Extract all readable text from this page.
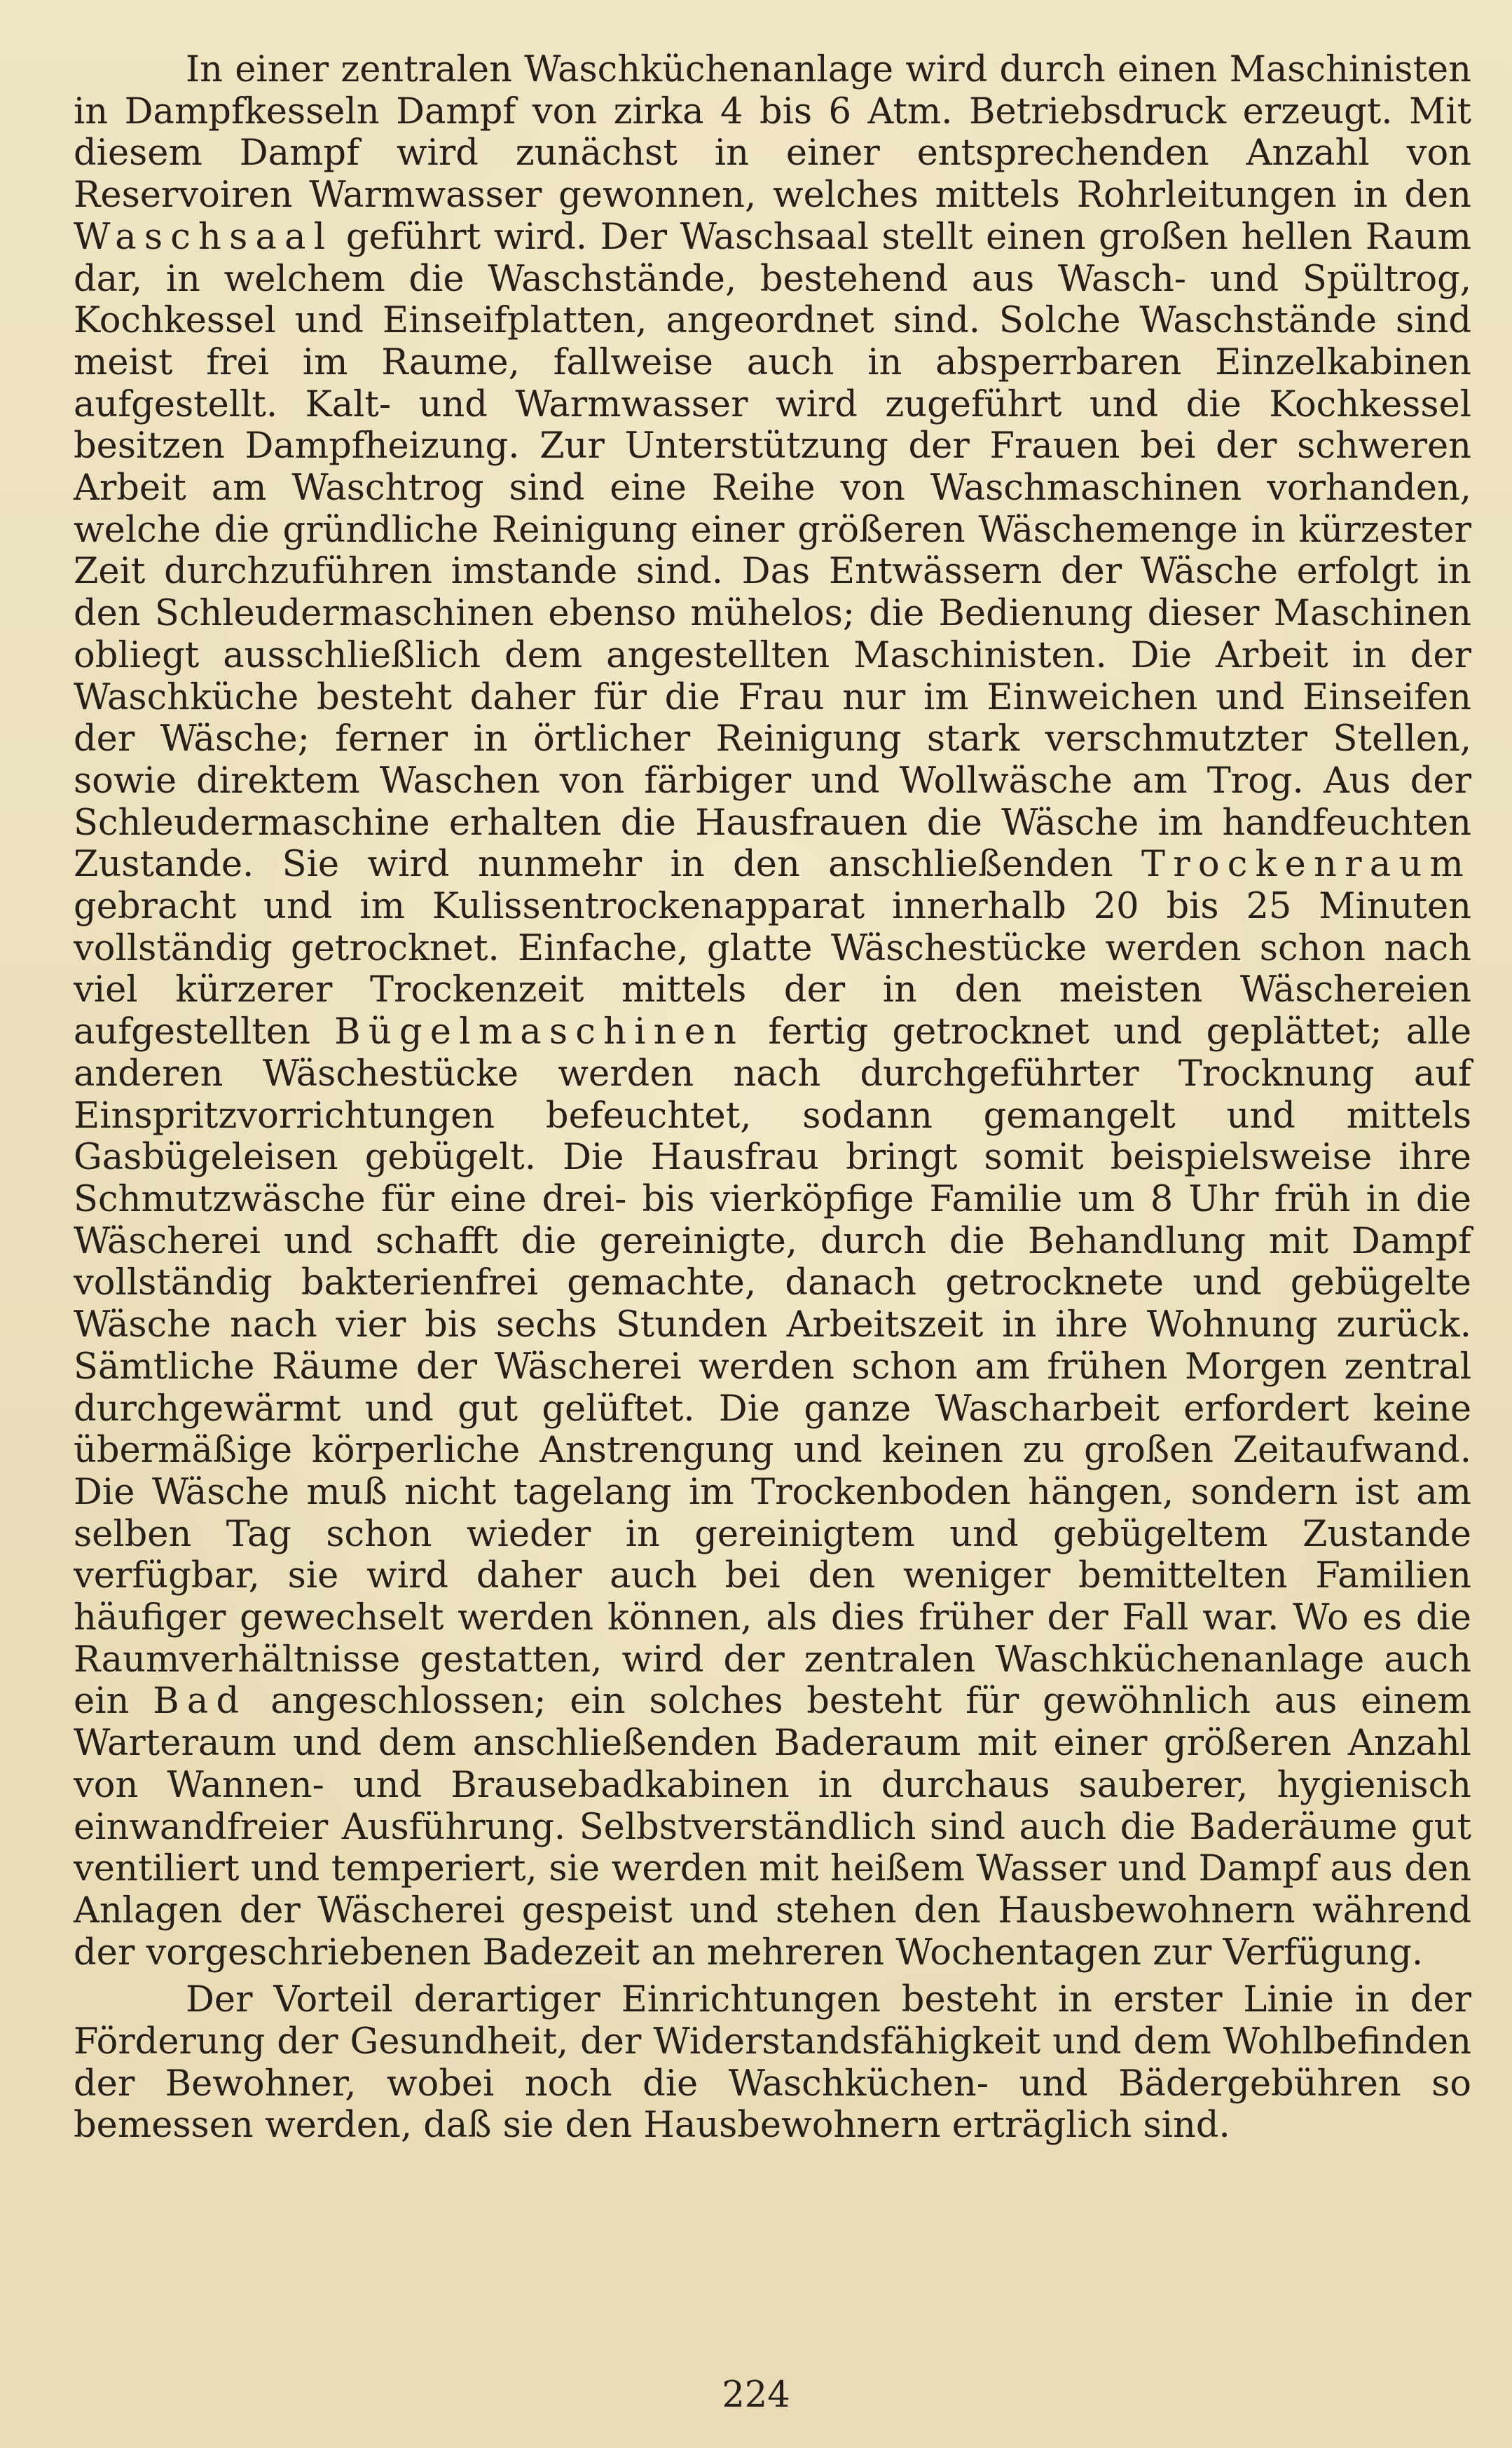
In einer zentralen Waschküchenanlage wird durch einen Maschinisten in Dampfkesseln Dampf von zirka 4 bis 6 Atm. Betriebsdruck erzeugt. Mit diesem Dampf wird zunächst in einer entsprechenden Anzahl von Reservoiren Warmwasser gewonnen, welches mittels Rohrleitungen in den Waschsaal geführt wird. Der Waschsaal stellt einen großen hellen Raum dar, in welchem die Waschstände, bestehend aus Wasch- und Spültrog, Kochkessel und Einseifplatten, angeordnet sind. Solche Waschstände sind meist frei im Raume, fallweise auch in absperrbaren Einzelkabinen aufgestellt. Kalt- und Warmwasser wird zugeführt und die Kochkessel besitzen Dampfheizung. Zur Unterstützung der Frauen bei der schweren Arbeit am Waschtrog sind eine Reihe von Waschmaschinen vorhanden, welche die gründliche Reinigung einer größeren Wäschemenge in kürzester Zeit durchzuführen imstande sind. Das Entwässern der Wäsche erfolgt in den Schleudermaschinen ebenso mühelos; die Bedienung dieser Maschinen obliegt ausschließlich dem angestellten Maschinisten. Die Arbeit in der Waschküche besteht daher für die Frau nur im Einweichen und Einseifen der Wäsche; ferner in örtlicher Reinigung stark verschmutzter Stellen, sowie direktem Waschen von färbiger und Wollwäsche am Trog. Aus der Schleudermaschine erhalten die Hausfrauen die Wäsche im handfeuchten Zustande. Sie wird nunmehr in den anschließenden Trockenraum gebracht und im Kulissentrockenapparat innerhalb 20 bis 25 Minuten vollständig getrocknet. Einfache, glatte Wäschestücke werden schon nach viel kürzerer Trockenzeit mittels der in den meisten Wäschereien aufgestellten Bügelmaschinen fertig getrocknet und geplättet; alle anderen Wäschestücke werden nach durchgeführter Trocknung auf Einspritzvorrichtungen befeuchtet, sodann gemangelt und mittels Gasbügeleisen gebügelt. Die Hausfrau bringt somit beispielsweise ihre Schmutzwäsche für eine drei- bis vierköpfige Familie um 8 Uhr früh in die Wäscherei und schafft die gereinigte, durch die Behandlung mit Dampf vollständig bakterienfrei gemachte, danach getrocknete und gebügelte Wäsche nach vier bis sechs Stunden Arbeitszeit in ihre Wohnung zurück. Sämtliche Räume der Wäscherei werden schon am frühen Morgen zentral durchgewärmt und gut gelüftet. Die ganze Wascharbeit erfordert keine übermäßige körperliche Anstrengung und keinen zu großen Zeitaufwand. Die Wäsche muß nicht tagelang im Trockenboden hängen, sondern ist am selben Tag schon wieder in gereinigtem und gebügeltem Zustande verfügbar, sie wird daher auch bei den weniger bemittelten Familien häufiger gewechselt werden können, als dies früher der Fall war. Wo es die Raumverhältnisse gestatten, wird der zentralen Waschküchenanlage auch ein Bad angeschlossen; ein solches besteht für gewöhnlich aus einem Warteraum und dem anschließenden Baderaum mit einer größeren Anzahl von Wannen- und Brausebadkabinen in durchaus sauberer, hygienisch einwandfreier Ausführung. Selbstverständlich sind auch die Baderäume gut ventiliert und temperiert, sie werden mit heißem Wasser und Dampf aus den Anlagen der Wäscherei gespeist und stehen den Hausbewohnern während der vorgeschriebenen Badezeit an mehreren Wochentagen zur Verfügung.

Der Vorteil derartiger Einrichtungen besteht in erster Linie in der Förderung der Gesundheit, der Widerstandsfähigkeit und dem Wohlbefinden der Bewohner, wobei noch die Waschküchen- und Bädergebühren so bemessen werden, daß sie den Hausbewohnern erträglich sind.

224
